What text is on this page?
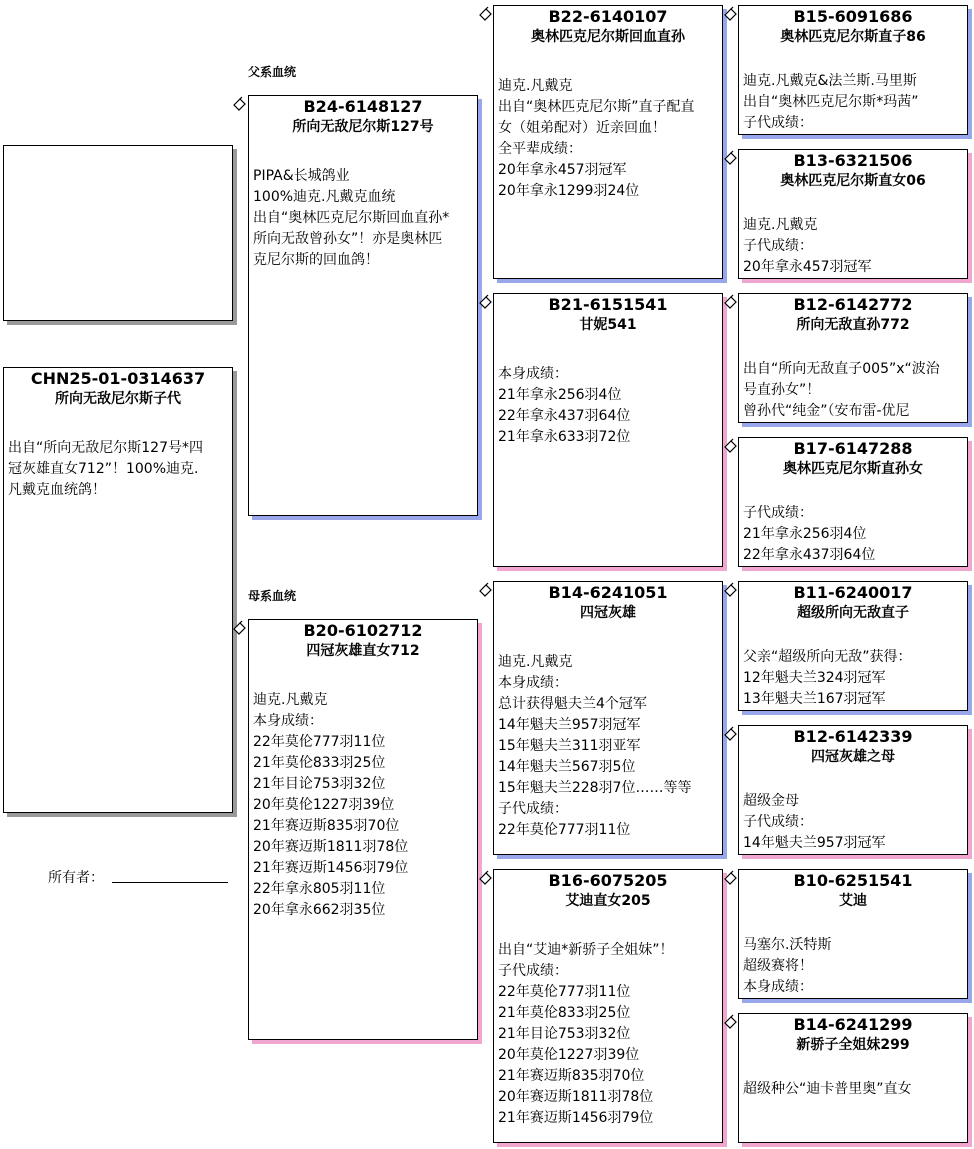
父系血统
母系血统
CHN25-01-0314637
所向无敌尼尔斯子代
出自“所向无敌尼尔斯127号*四
冠灰雄直女712”！100%迪克.
凡戴克血统鸽！
所有者：
B24-6148127
所向无敌尼尔斯127号
PIPA&长城鸽业
100%迪克.凡戴克血统
出自“奥林匹克尼尔斯回血直孙*
所向无敌曾孙女”！亦是奥林匹
克尼尔斯的回血鸽！
B20-6102712
四冠灰雄直女712
迪克.凡戴克
本身成绩：
22年莫伦777羽11位
21年莫伦833羽25位
21年目论753羽32位
20年莫伦1227羽39位
21年赛迈斯835羽70位
20年赛迈斯1811羽78位
21年赛迈斯1456羽79位
22年拿永805羽11位
20年拿永662羽35位
B22-6140107
奥林匹克尼尔斯回血直孙
迪克.凡戴克
出自“奥林匹克尼尔斯”直子配直
女（姐弟配对）近亲回血！
全平辈成绩：
20年拿永457羽冠军
20年拿永1299羽24位
B21-6151541
甘妮541
本身成绩：
21年拿永256羽4位
22年拿永437羽64位
21年拿永633羽72位
B14-6241051
四冠灰雄
迪克.凡戴克
本身成绩：
总计获得魁夫兰4个冠军
14年魁夫兰957羽冠军
15年魁夫兰311羽亚军
14年魁夫兰567羽5位
15年魁夫兰228羽7位……等等
子代成绩：
22年莫伦777羽11位
B16-6075205
艾迪直女205
出自“艾迪*新骄子全姐妹”！
子代成绩：
22年莫伦777羽11位
21年莫伦833羽25位
21年目论753羽32位
20年莫伦1227羽39位
21年赛迈斯835羽70位
20年赛迈斯1811羽78位
21年赛迈斯1456羽79位
B15-6091686
奥林匹克尼尔斯直子86
迪克.凡戴克&法兰斯.马里斯
出自“奥林匹克尼尔斯*玛茜”
子代成绩：
B13-6321506
奥林匹克尼尔斯直女06
迪克.凡戴克
子代成绩：
20年拿永457羽冠军
B12-6142772
所向无敌直孙772
出自“所向无敌直子005”x“波治
号直孙女”！
曾孙代“纯金”（安布雷-优尼
B17-6147288
奥林匹克尼尔斯直孙女
子代成绩：
21年拿永256羽4位
22年拿永437羽64位
B11-6240017
超级所向无敌直子
父亲“超级所向无敌”获得：
12年魁夫兰324羽冠军
13年魁夫兰167羽冠军
B12-6142339
四冠灰雄之母
超级金母
子代成绩：
14年魁夫兰957羽冠军
B10-6251541
艾迪
马塞尔.沃特斯
超级赛将！
本身成绩：
B14-6241299
新骄子全姐妹299
超级种公“迪卡普里奥”直女
